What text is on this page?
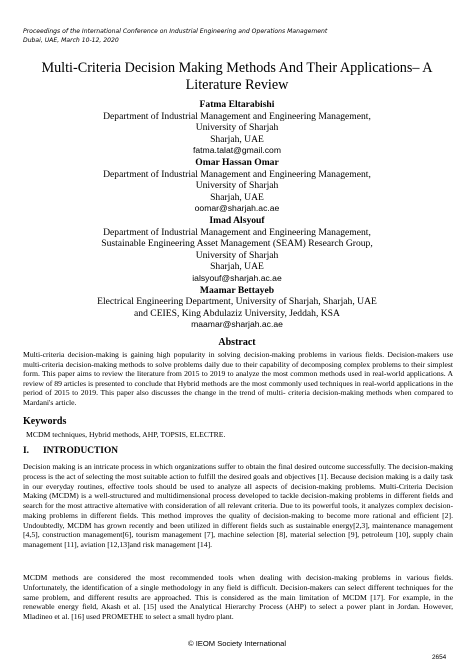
Proceedings of the International Conference on Industrial Engineering and Operations Management
Dubai, UAE, March 10-12, 2020
Multi-Criteria Decision Making Methods And Their Applications– A
Literature Review
Fatma Eltarabishi
Department of Industrial Management and Engineering Management,
University of Sharjah
Sharjah, UAE
fatma.talat@gmail.com
Omar Hassan Omar
Department of Industrial Management and Engineering Management,
University of Sharjah
Sharjah, UAE
oomar@sharjah.ac.ae
Imad Alsyouf
Department of Industrial Management and Engineering Management,
Sustainable Engineering Asset Management (SEAM) Research Group,
University of Sharjah
Sharjah, UAE
ialsyouf@sharjah.ac.ae
Maamar Bettayeb
Electrical Engineering Department, University of Sharjah, Sharjah, UAE
and CEIES, King Abdulaziz University, Jeddah, KSA
maamar@sharjah.ac.ae
Abstract
Multi-criteria decision-making is gaining high popularity in solving decision-making problems in various fields. Decision-makers use multi-criteria decision-making methods to solve problems daily due to their capability of decomposing complex problems to their simplest form. This paper aims to review the literature from 2015 to 2019 to analyze the most common methods used in real-world applications. A review of 89 articles is presented to conclude that Hybrid methods are the most commonly used techniques in real-world applications in the period of 2015 to 2019. This paper also discusses the change in the trend of multi- criteria decision-making methods when compared to Mardani's article.
Keywords
MCDM techniques, Hybrid methods, AHP, TOPSIS, ELECTRE.
I. INTRODUCTION
Decision making is an intricate process in which organizations suffer to obtain the final desired outcome successfully. The decision-making process is the act of selecting the most suitable action to fulfill the desired goals and objectives [1]. Because decision making is a daily task in our everyday routines, effective tools should be used to analyze all aspects of decision-making problems. Multi-Criteria Decision Making (MCDM) is a well-structured and multidimensional process developed to tackle decision-making problems in different fields and search for the most attractive alternative with consideration of all relevant criteria. Due to its powerful tools, it analyzes complex decision-making problems in different fields. This method improves the quality of decision-making to become more rational and efficient [2]. Undoubtedly, MCDM has grown recently and been utilized in different fields such as sustainable energy[2,3], maintenance management [4,5], construction management[6], tourism management [7], machine selection [8], material selection [9], petroleum [10], supply chain management [11], aviation [12,13]and risk management [14].
MCDM methods are considered the most recommended tools when dealing with decision-making problems in various fields. Unfortunately, the identification of a single methodology in any field is difficult. Decision-makers can select different techniques for the same problem, and different results are approached. This is considered as the main limitation of MCDM [17]. For example, in the renewable energy field, Akash et al. [15] used the Analytical Hierarchy Process (AHP) to select a power plant in Jordan. However, Mladineo et al. [16] used PROMETHE to select a small hydro plant.
© IEOM Society International
2654
